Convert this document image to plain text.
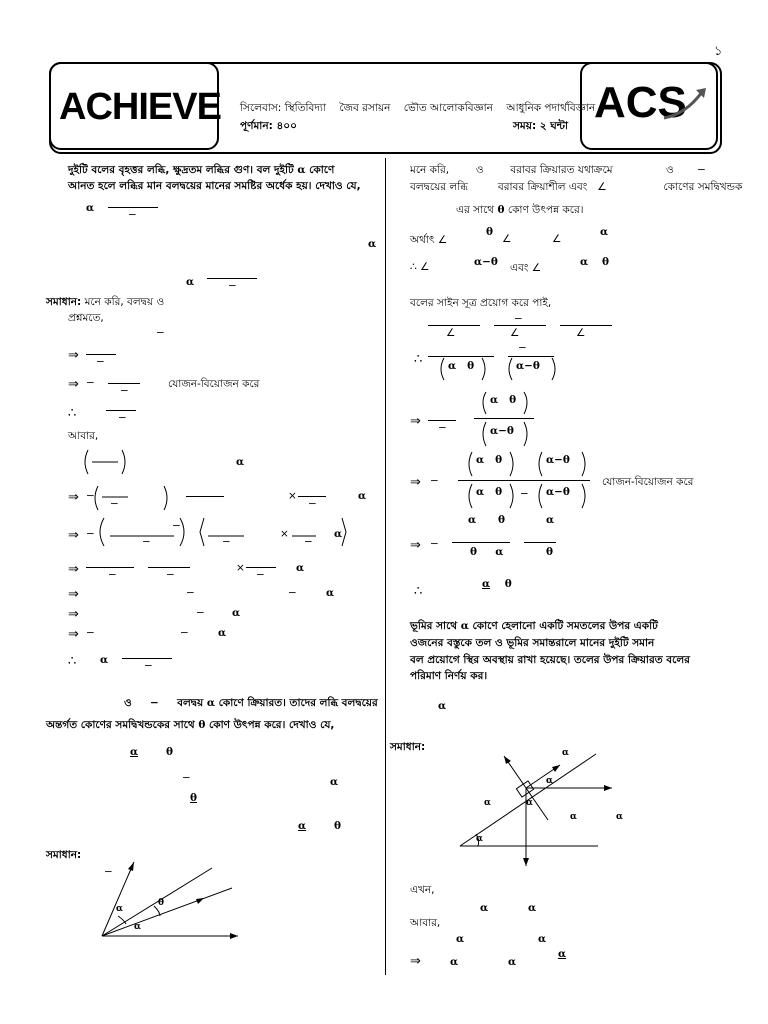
১
ACHIEVE	ACS
সিলেবাস: স্থিতিবিদ্যা জৈব রসায়ন ভৌত আলোকবিজ্ঞান আধুনিক পদার্থবিজ্ঞান
পূর্ণমান: ৪০০	সময়: ২ ঘন্টা
দুইটি বলের বৃহত্তর লব্ধি, ক্ষুদ্রতম লব্ধির গুণ। বল দুইটি α কোণে
আনত হলে লব্ধির মান বলদ্বয়ের মানের সমষ্টির অর্ধেক হয়। দেখাও যে,
α
−
α
α	−
সমাধান: মনে করি, বলদ্বয় ও
প্রশ্নমতে,
−
⇒ −
⇒ −
−
যোজন-বিয়োজন করে
∴	−
আবার,
α
⇒ −
−
×
−
α
⇒ −
−
−
−
×
−
α
⇒	−	−
×
−
α
⇒	−	−	α
⇒	−	α
⇒ −	−	α
∴ α	−
ও − বলদ্বয় α কোণে ক্রিয়ারত। তাদের লব্ধি বলদ্বয়ের
অন্তর্গত কোণের সমদ্বিখন্ডকের সাথে θ কোণ উৎপন্ন করে। দেখাও যে,
α	θ
−	α
θ
α	θ
সমাধান:
−
α
θ
α
মনে করি,	ও	বরাবর ক্রিয়ারত যথাক্রমে	ও −
বলদ্বয়ের লব্ধি	বরাবর ক্রিয়াশীল এবং ∠	কোণের সমদ্বিখন্ডক
এর সাথে θ কোণ উৎপন্ন করে।
অর্থাৎ ∠
θ
∠	∠
α
∴ ∠	α−θ এবং ∠	α θ
বলের সাইন সূত্র প্রয়োগ করে পাই,
−
∠	∠	∠
∴
−
α θ	α−θ
⇒ −
α θ
α−θ
⇒ −
α θ	α−θ
α θ − α−θ
যোজন-বিয়োজন করে
α θ	α
⇒ −
θ α	θ
∴	α θ
ভূমির সাথে α কোণে হেলানো একটি সমতলের উপর একটি
ওজনের বস্তুকে তল ও ভূমির সমান্তরালে মানের দুইটি সমান
বল প্রয়োগে স্থির অবস্থায় রাখা হয়েছে। তলের উপর ক্রিয়ারত বলের
পরিমাণ নির্ণয় কর।
α
সমাধান:	α
α
α	α
α	α
α
এখন,
α	α
আবার,
α	α
⇒	α	α
α
